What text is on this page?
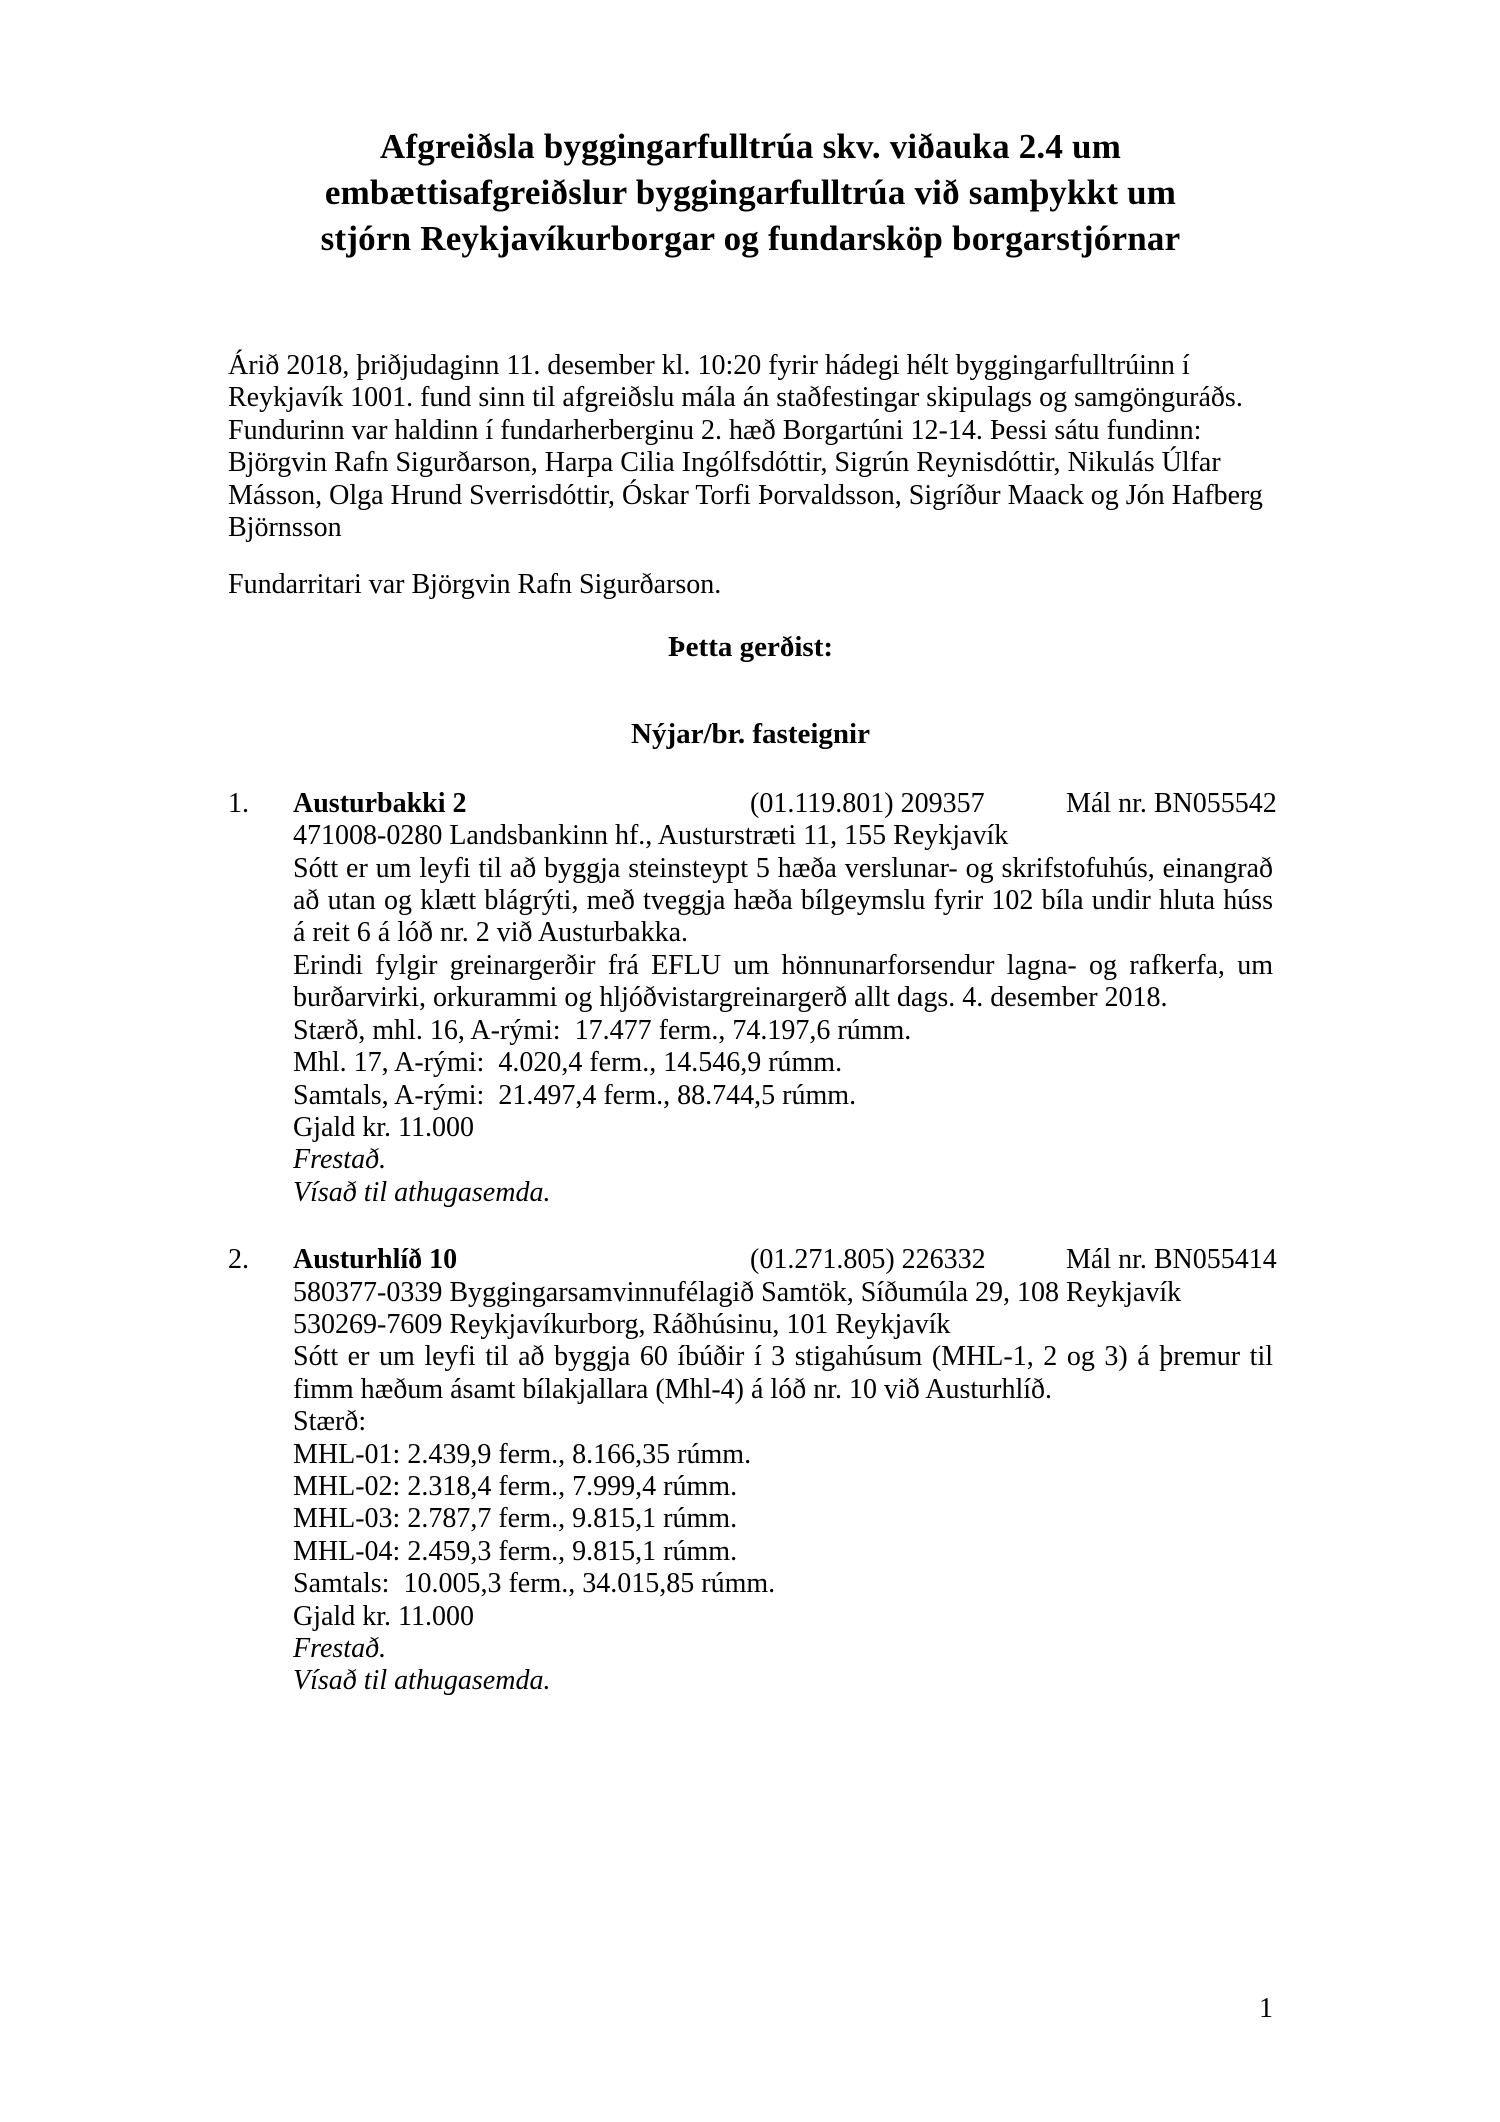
Afgreiðsla byggingarfulltrúa skv. viðauka 2.4 um
embættisafgreiðslur byggingarfulltrúa við samþykkt um
stjórn Reykjavíkurborgar og fundarsköp borgarstjórnar
Árið 2018, þriðjudaginn 11. desember kl. 10:20 fyrir hádegi hélt byggingarfulltrúinn í Reykjavík 1001. fund sinn til afgreiðslu mála án staðfestingar skipulags og samgönguráðs. Fundurinn var haldinn í fundarherberginu 2. hæð Borgartúni 12-14. Þessi sátu fundinn: Björgvin Rafn Sigurðarson, Harpa Cilia Ingólfsdóttir, Sigrún Reynisdóttir, Nikulás Úlfar Másson, Olga Hrund Sverrisdóttir, Óskar Torfi Þorvaldsson, Sigríður Maack og Jón Hafberg Björnsson
Fundarritari var Björgvin Rafn Sigurðarson.
Þetta gerðist:
Nýjar/br. fasteignir
1.	Austurbakki 2	(01.119.801) 209357	Mál nr. BN055542
471008-0280 Landsbankinn hf., Austurstræti 11, 155 Reykjavík
Sótt er um leyfi til að byggja steinsteypt 5 hæða verslunar- og skrifstofuhús, einangrað að utan og klætt blágrýti, með tveggja hæða bílgeymslu fyrir 102 bíla undir hluta húss á reit 6 á lóð nr. 2 við Austurbakka.
Erindi fylgir greinargerðir frá EFLU um hönnunarforsendur lagna- og rafkerfa, um burðarvirki, orkurammi og hljóðvistargreinargerð allt dags. 4. desember 2018.
Stærð, mhl. 16, A-rými:  17.477 ferm., 74.197,6 rúmm.
Mhl. 17, A-rými:  4.020,4 ferm., 14.546,9 rúmm.
Samtals, A-rými:  21.497,4 ferm., 88.744,5 rúmm.
Gjald kr. 11.000
Frestað.
Vísað til athugasemda.
2.	Austurhlíð 10	(01.271.805) 226332	Mál nr. BN055414
580377-0339 Byggingarsamvinnufélagið Samtök, Síðumúla 29, 108 Reykjavík
530269-7609 Reykjavíkurborg, Ráðhúsinu, 101 Reykjavík
Sótt er um leyfi til að byggja 60 íbúðir í 3 stigahúsum (MHL-1, 2 og 3) á þremur til fimm hæðum ásamt bílakjallara (Mhl-4) á lóð nr. 10 við Austurhlíð.
Stærð:
MHL-01: 2.439,9 ferm., 8.166,35 rúmm.
MHL-02: 2.318,4 ferm., 7.999,4 rúmm.
MHL-03: 2.787,7 ferm., 9.815,1 rúmm.
MHL-04: 2.459,3 ferm., 9.815,1 rúmm.
Samtals:  10.005,3 ferm., 34.015,85 rúmm.
Gjald kr. 11.000
Frestað.
Vísað til athugasemda.
1
